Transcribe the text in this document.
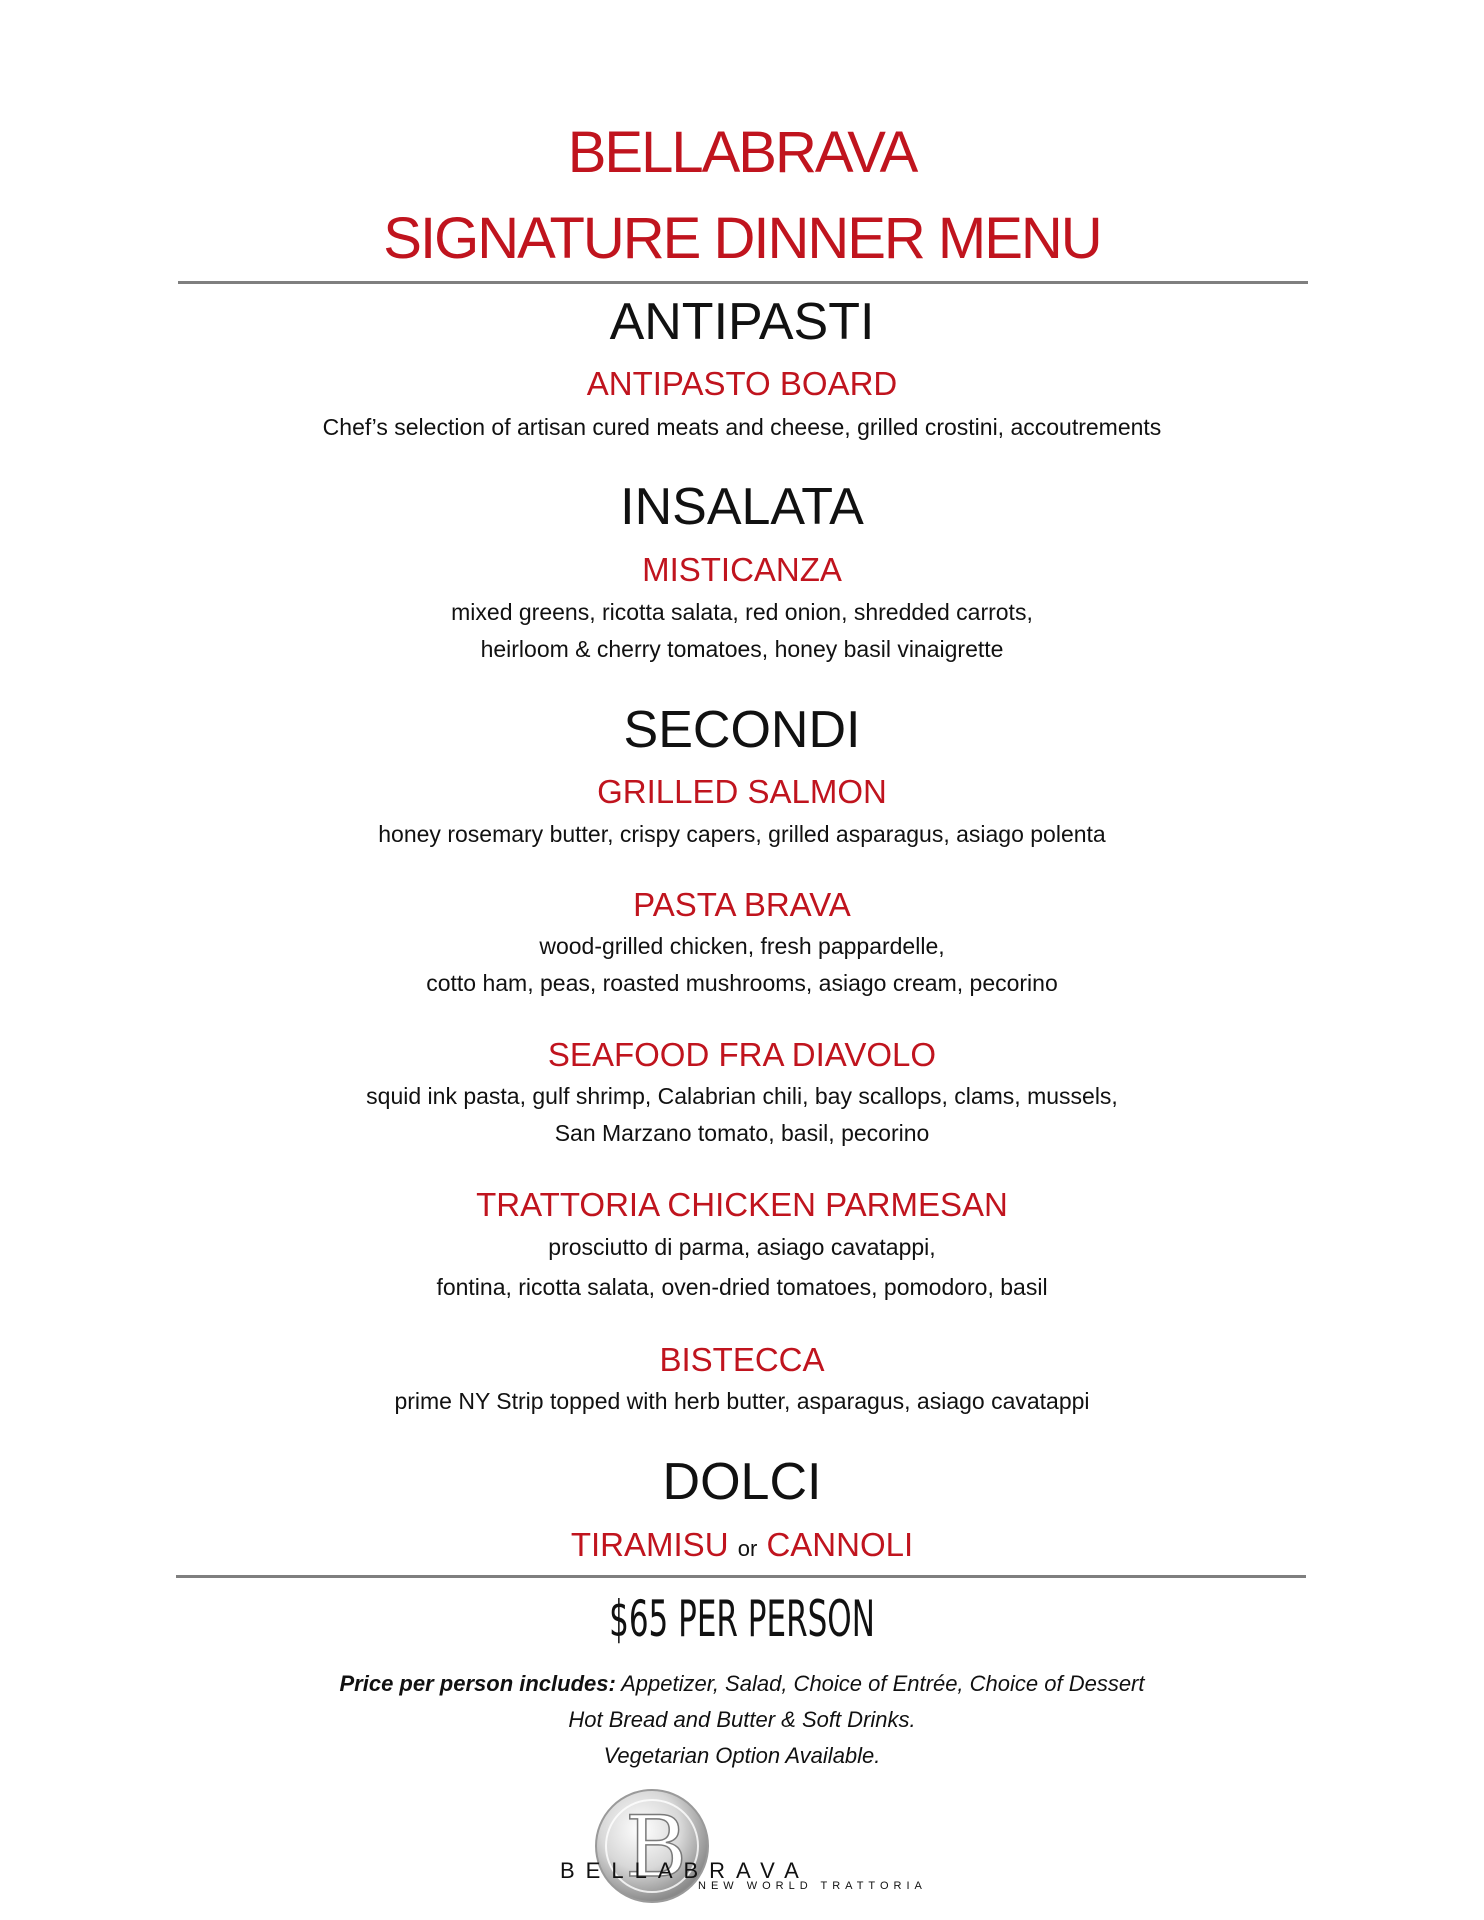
BELLABRAVA
SIGNATURE DINNER MENU
ANTIPASTI
ANTIPASTO BOARD
Chef’s selection of artisan cured meats and cheese, grilled crostini, accoutrements
INSALATA
MISTICANZA
mixed greens, ricotta salata, red onion, shredded carrots,
heirloom & cherry tomatoes, honey basil vinaigrette
SECONDI
GRILLED SALMON
honey rosemary butter, crispy capers, grilled asparagus, asiago polenta
PASTA BRAVA
wood-grilled chicken, fresh pappardelle,
cotto ham, peas, roasted mushrooms, asiago cream, pecorino
SEAFOOD FRA DIAVOLO
squid ink pasta, gulf shrimp, Calabrian chili, bay scallops, clams, mussels,
San Marzano tomato, basil, pecorino
TRATTORIA CHICKEN PARMESAN
prosciutto di parma, asiago cavatappi,
fontina, ricotta salata, oven-dried tomatoes, pomodoro, basil
BISTECCA
prime NY Strip topped with herb butter, asparagus, asiago cavatappi
DOLCI
TIRAMISU or CANNOLI
$65 PER PERSON
Price per person includes: Appetizer, Salad, Choice of Entrée, Choice of Dessert
Hot Bread and Butter & Soft Drinks.
Vegetarian Option Available.
B
BELLABRAVA
NEW WORLD TRATTORIA
